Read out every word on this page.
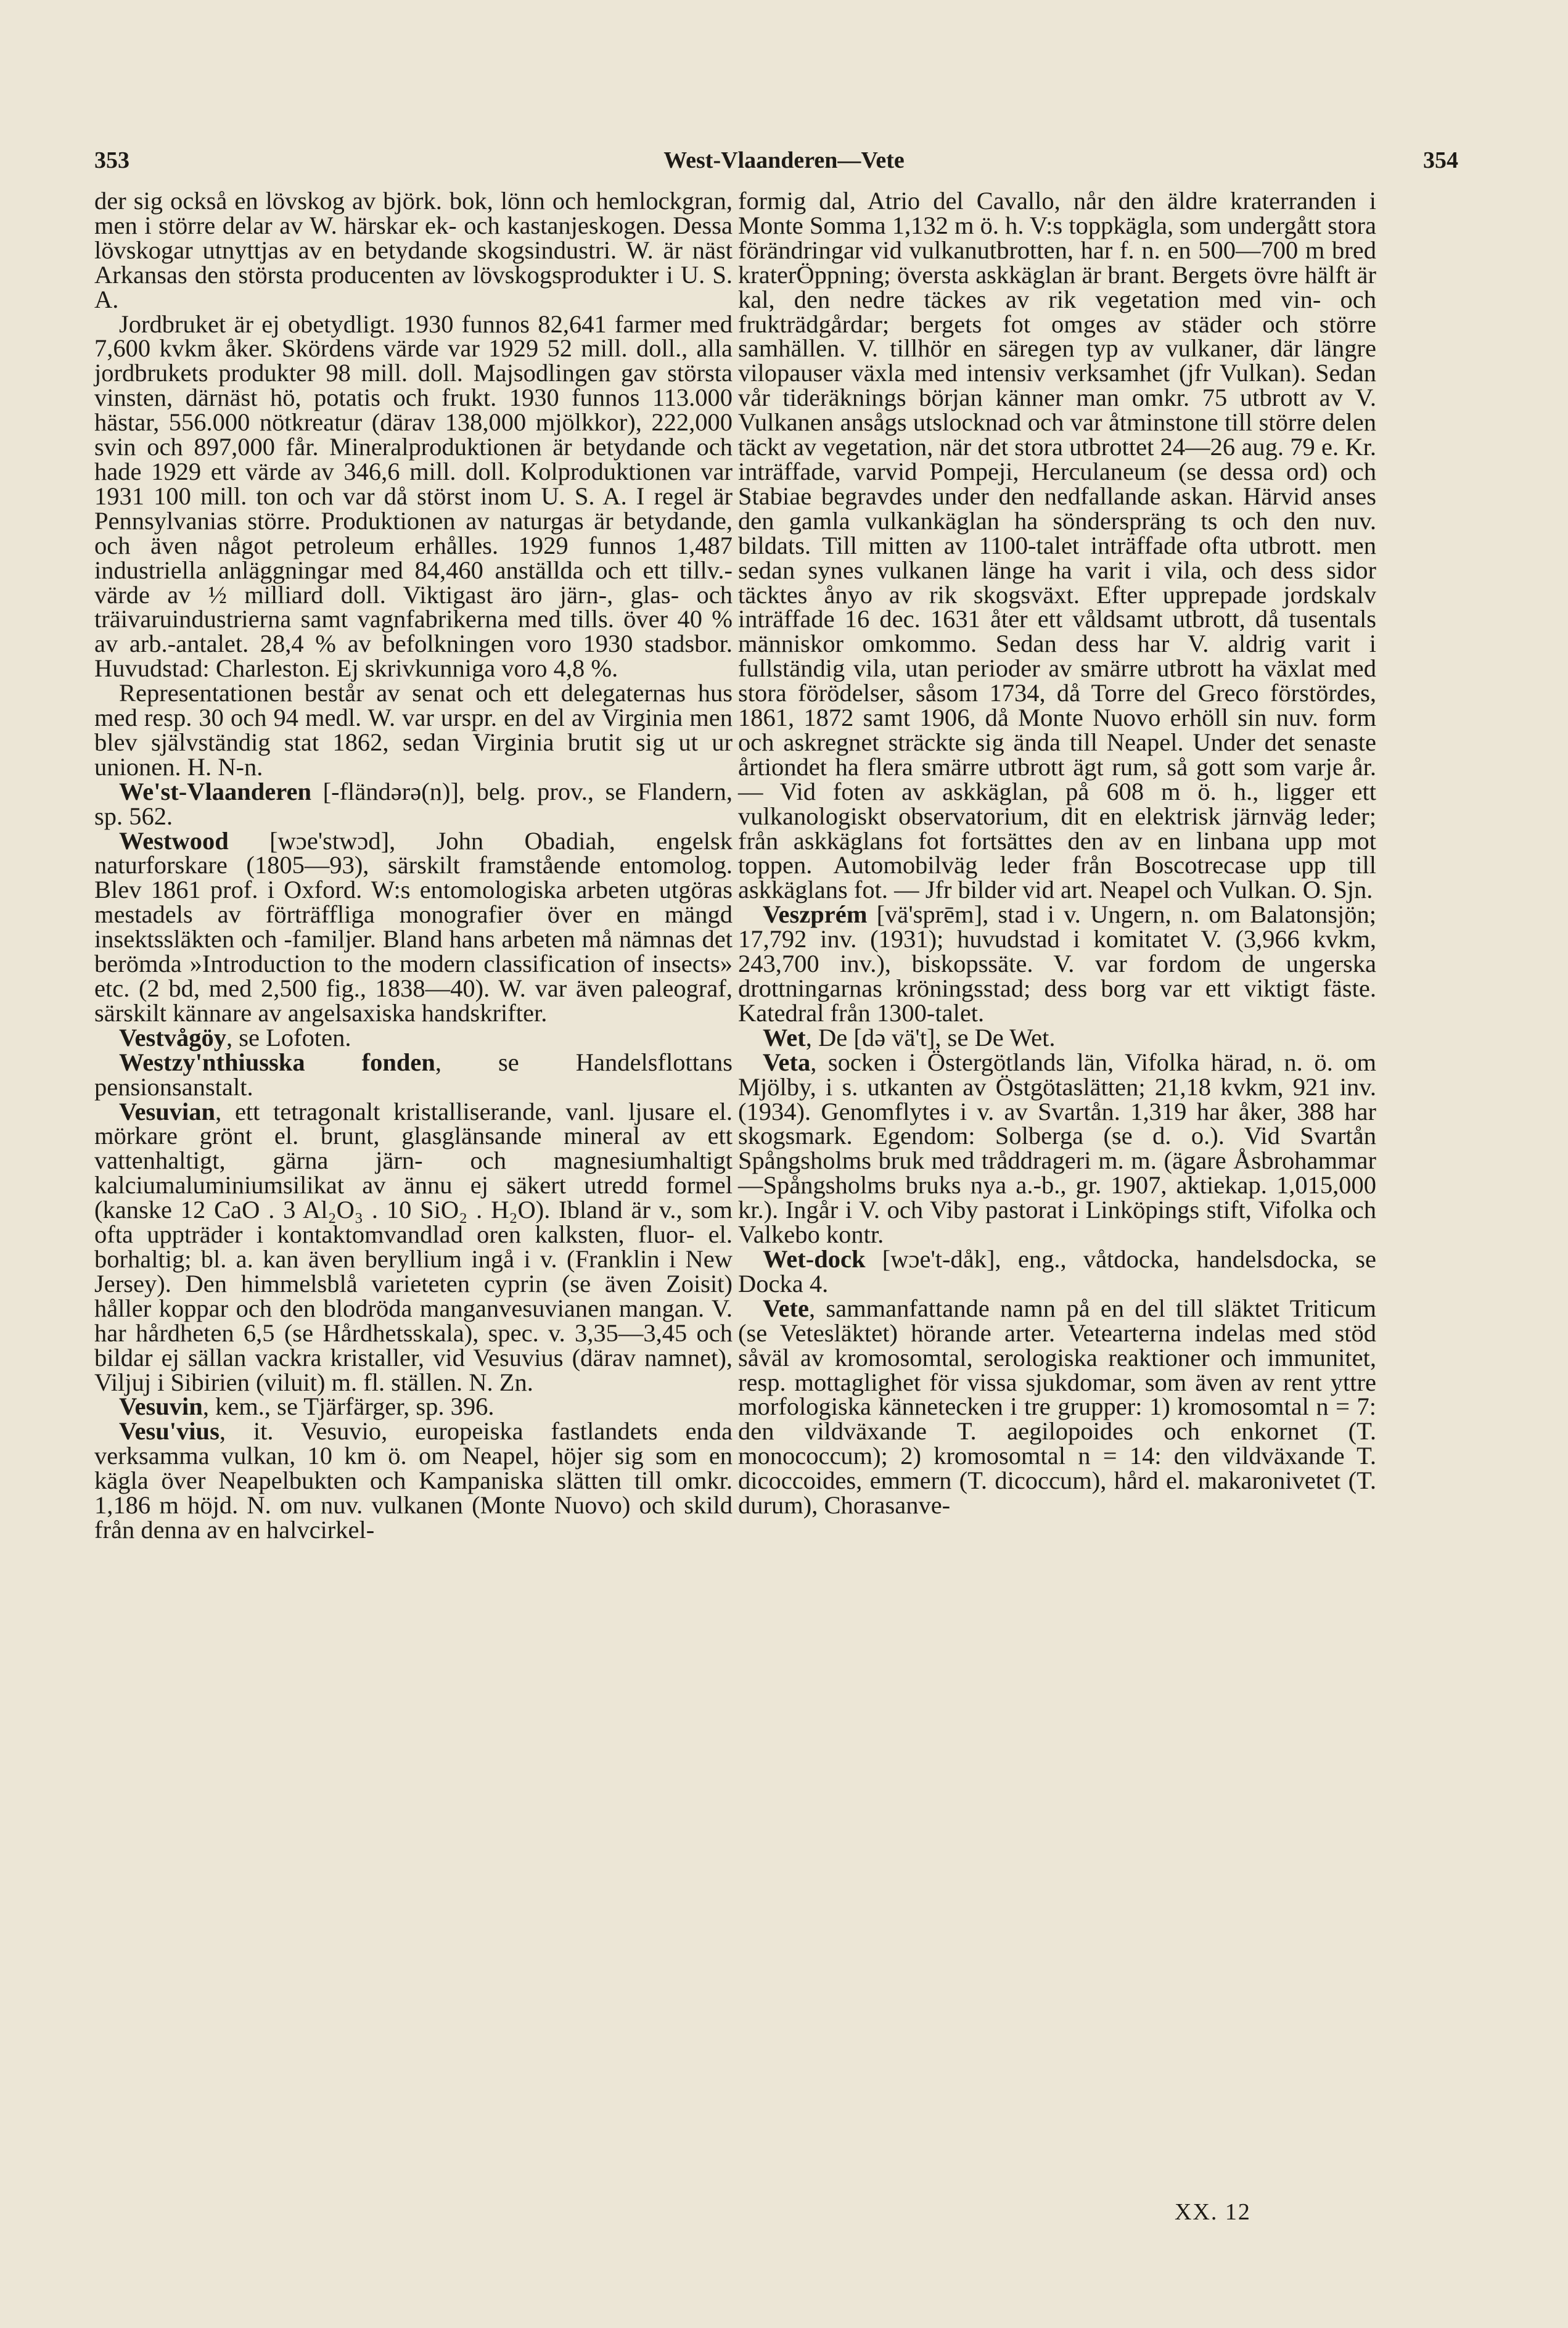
353	West-Vlaanderen—Vete	354
der sig också en lövskog av björk. bok, lönn och hemlockgran, men i större delar av W. härskar ek- och kastanjeskogen. Dessa lövskogar utnyttjas av en betydande skogsindustri. W. är näst Arkansas den största producenten av lövskogsprodukter i U. S. A.
Jordbruket är ej obetydligt. 1930 funnos 82,641 farmer med 7,600 kvkm åker. Skördens värde var 1929 52 mill. doll., alla jordbrukets produkter 98 mill. doll. Majsodlingen gav största vinsten, därnäst hö, potatis och frukt. 1930 funnos 113.000 hästar, 556.000 nötkreatur (därav 138,000 mjölkkor), 222,000 svin och 897,000 får. Mineralproduktionen är betydande och hade 1929 ett värde av 346,6 mill. doll. Kolproduktionen var 1931 100 mill. ton och var då störst inom U. S. A. I regel är Pennsylvanias större. Produktionen av naturgas är betydande, och även något petroleum erhålles. 1929 funnos 1,487 industriella anläggningar med 84,460 anställda och ett tillv.-värde av ½ milliard doll. Viktigast äro järn-, glas- och träivaruindustrierna samt vagnfabrikerna med tills. över 40 % av arb.-antalet. 28,4 % av befolkningen voro 1930 stadsbor. Huvudstad: Charleston. Ej skrivkunniga voro 4,8 %.
Representationen består av senat och ett delegaternas hus med resp. 30 och 94 medl. W. var urspr. en del av Virginia men blev självständig stat 1862, sedan Virginia brutit sig ut ur unionen. H. N-n.
We'st-Vlaanderen [-fländərə(n)], belg. prov., se Flandern, sp. 562.
Westwood [wɔe'stwɔd], John Obadiah, engelsk naturforskare (1805—93), särskilt framstående entomolog. Blev 1861 prof. i Oxford. W:s entomologiska arbeten utgöras mestadels av förträffliga monografier över en mängd insektssläkten och -familjer. Bland hans arbeten må nämnas det berömda »Introduction to the modern classification of insects» etc. (2 bd, med 2,500 fig., 1838—40). W. var även paleograf, särskilt kännare av angelsaxiska handskrifter.
Vestvågöy, se Lofoten.
Westzy'nthiusska fonden, se Handelsflottans pensionsanstalt.
Vesuvian, ett tetragonalt kristalliserande, vanl. ljusare el. mörkare grönt el. brunt, glasglänsande mineral av ett vattenhaltigt, gärna järn- och magnesiumhaltigt kalciumaluminiumsilikat av ännu ej säkert utredd formel (kanske 12 CaO . 3 Al₂O₃ . 10 SiO₂ . H₂O). Ibland är v., som ofta uppträder i kontaktomvandlad oren kalksten, fluor- el. borhaltig; bl. a. kan även beryllium ingå i v. (Franklin i New Jersey). Den himmelsblå varieteten cyprin (se även Zoisit) håller koppar och den blodröda manganvesuvianen mangan. V. har hårdheten 6,5 (se Hårdhetsskala), spec. v. 3,35—3,45 och bildar ej sällan vackra kristaller, vid Vesuvius (därav namnet), Viljuj i Sibirien (viluit) m. fl. ställen. N. Zn.
Vesuvin, kem., se Tjärfärger, sp. 396.
Vesu'vius, it. Vesuvio, europeiska fastlandets enda verksamma vulkan, 10 km ö. om Neapel, höjer sig som en kägla över Neapelbukten och Kampaniska slätten till omkr. 1,186 m höjd. N. om nuv. vulkanen (Monte Nuovo) och skild från denna av en halvcirkel-
formig dal, Atrio del Cavallo, når den äldre kraterranden i Monte Somma 1,132 m ö. h. V:s toppkägla, som undergått stora förändringar vid vulkanutbrotten, har f. n. en 500—700 m bred kraterÖppning; översta askkäglan är brant. Bergets övre hälft är kal, den nedre täckes av rik vegetation med vin- och frukträdgårdar; bergets fot omges av städer och större samhällen. V. tillhör en säregen typ av vulkaner, där längre vilopauser växla med intensiv verksamhet (jfr Vulkan). Sedan vår tideräknings början känner man omkr. 75 utbrott av V. Vulkanen ansågs utslocknad och var åtminstone till större delen täckt av vegetation, när det stora utbrottet 24—26 aug. 79 e. Kr. inträffade, varvid Pompeji, Herculaneum (se dessa ord) och Stabiae begravdes under den nedfallande askan. Härvid anses den gamla vulkankäglan ha sönderspräng ts och den nuv. bildats. Till mitten av 1100-talet inträffade ofta utbrott. men sedan synes vulkanen länge ha varit i vila, och dess sidor täcktes ånyo av rik skogsväxt. Efter upprepade jordskalv inträffade 16 dec. 1631 åter ett våldsamt utbrott, då tusentals människor omkommo. Sedan dess har V. aldrig varit i fullständig vila, utan perioder av smärre utbrott ha växlat med stora förödelser, såsom 1734, då Torre del Greco förstördes, 1861, 1872 samt 1906, då Monte Nuovo erhöll sin nuv. form och askregnet sträckte sig ända till Neapel. Under det senaste årtiondet ha flera smärre utbrott ägt rum, så gott som varje år. — Vid foten av askkäglan, på 608 m ö. h., ligger ett vulkanologiskt observatorium, dit en elektrisk järnväg leder; från askkäglans fot fortsättes den av en linbana upp mot toppen. Automobilväg leder från Boscotrecase upp till askkäglans fot. — Jfr bilder vid art. Neapel och Vulkan. O. Sjn.
Veszprém [vä'sprēm], stad i v. Ungern, n. om Balatonsjön; 17,792 inv. (1931); huvudstad i komitatet V. (3,966 kvkm, 243,700 inv.), biskopssäte. V. var fordom de ungerska drottningarnas kröningsstad; dess borg var ett viktigt fäste. Katedral från 1300-talet.
Wet, De [də vä't], se De Wet.
Veta, socken i Östergötlands län, Vifolka härad, n. ö. om Mjölby, i s. utkanten av Östgötaslätten; 21,18 kvkm, 921 inv. (1934). Genomflytes i v. av Svartån. 1,319 har åker, 388 har skogsmark. Egendom: Solberga (se d. o.). Vid Svartån Spångsholms bruk med tråddrageri m. m. (ägare Åsbrohammar—Spångsholms bruks nya a.-b., gr. 1907, aktiekap. 1,015,000 kr.). Ingår i V. och Viby pastorat i Linköpings stift, Vifolka och Valkebo kontr.
Wet-dock [wɔe't-dåk], eng., våtdocka, handelsdocka, se Docka 4.
Vete, sammanfattande namn på en del till släktet Triticum (se Vetesläktet) hörande arter. Vetearterna indelas med stöd såväl av kromosomtal, serologiska reaktioner och immunitet, resp. mottaglighet för vissa sjukdomar, som även av rent yttre morfologiska kännetecken i tre grupper: 1) kromosomtal n = 7: den vildväxande T. aegilopoides och enkornet (T. monococcum); 2) kromosomtal n = 14: den vildväxande T. dicoccoides, emmern (T. dicoccum), hård el. makaronivetet (T. durum), Chorasanve-
XX. 12
